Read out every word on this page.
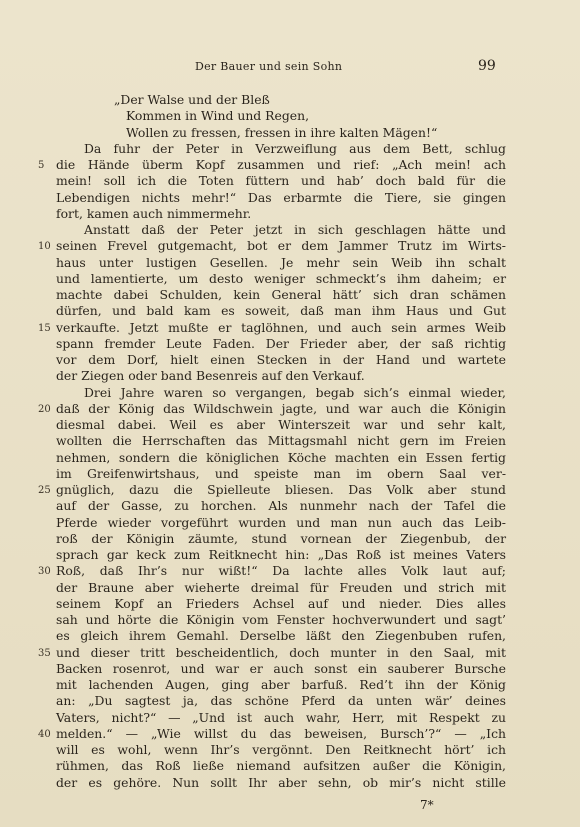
Der Bauer und sein Sohn	99
„Der Walse und der Bleß
Kommen in Wind und Regen,
Wollen zu fressen, fressen in ihre kalten Mägen!“
Da fuhr der Peter in Verzweiflung aus dem Bett, schlug
5 die Hände überm Kopf zusammen und rief: „Ach mein! ach
mein! soll ich die Toten füttern und hab’ doch bald für die
Lebendigen nichts mehr!“ Das erbarmte die Tiere, sie gingen
fort, kamen auch nimmermehr.
Anstatt daß der Peter jetzt in sich geschlagen hätte und
10 seinen Frevel gutgemacht, bot er dem Jammer Trutz im Wirts-
haus unter lustigen Gesellen. Je mehr sein Weib ihn schalt
und lamentierte, um desto weniger schmeckt’s ihm daheim; er
machte dabei Schulden, kein General hätt’ sich dran schämen
dürfen, und bald kam es soweit, daß man ihm Haus und Gut
15 verkaufte. Jetzt mußte er taglöhnen, und auch sein armes Weib
spann fremder Leute Faden. Der Frieder aber, der saß richtig
vor dem Dorf, hielt einen Stecken in der Hand und wartete
der Ziegen oder band Besenreis auf den Verkauf.
Drei Jahre waren so vergangen, begab sich’s einmal wieder,
20 daß der König das Wildschwein jagte, und war auch die Königin
diesmal dabei. Weil es aber Winterszeit war und sehr kalt,
wollten die Herrschaften das Mittagsmahl nicht gern im Freien
nehmen, sondern die königlichen Köche machten ein Essen fertig
im Greifenwirtshaus, und speiste man im obern Saal ver-
25 gnüglich, dazu die Spielleute bliesen. Das Volk aber stund
auf der Gasse, zu horchen. Als nunmehr nach der Tafel die
Pferde wieder vorgeführt wurden und man nun auch das Leib-
roß der Königin zäumte, stund vornean der Ziegenbub, der
sprach gar keck zum Reitknecht hin: „Das Roß ist meines Vaters
30 Roß, daß Ihr’s nur wißt!“ Da lachte alles Volk laut auf;
der Braune aber wieherte dreimal für Freuden und strich mit
seinem Kopf an Frieders Achsel auf und nieder. Dies alles
sah und hörte die Königin vom Fenster hochverwundert und sagt’
es gleich ihrem Gemahl. Derselbe läßt den Ziegenbuben rufen,
35 und dieser tritt bescheidentlich, doch munter in den Saal, mit
Backen rosenrot, und war er auch sonst ein sauberer Bursche
mit lachenden Augen, ging aber barfuß. Red’t ihn der König
an: „Du sagtest ja, das schöne Pferd da unten wär’ deines
Vaters, nicht?“ — „Und ist auch wahr, Herr, mit Respekt zu
40 melden.“ — „Wie willst du das beweisen, Bursch’?“ — „Ich
will es wohl, wenn Ihr’s vergönnt. Den Reitknecht hört’ ich
rühmen, das Roß ließe niemand aufsitzen außer die Königin,
der es gehöre. Nun sollt Ihr aber sehn, ob mir’s nicht stille
7*
